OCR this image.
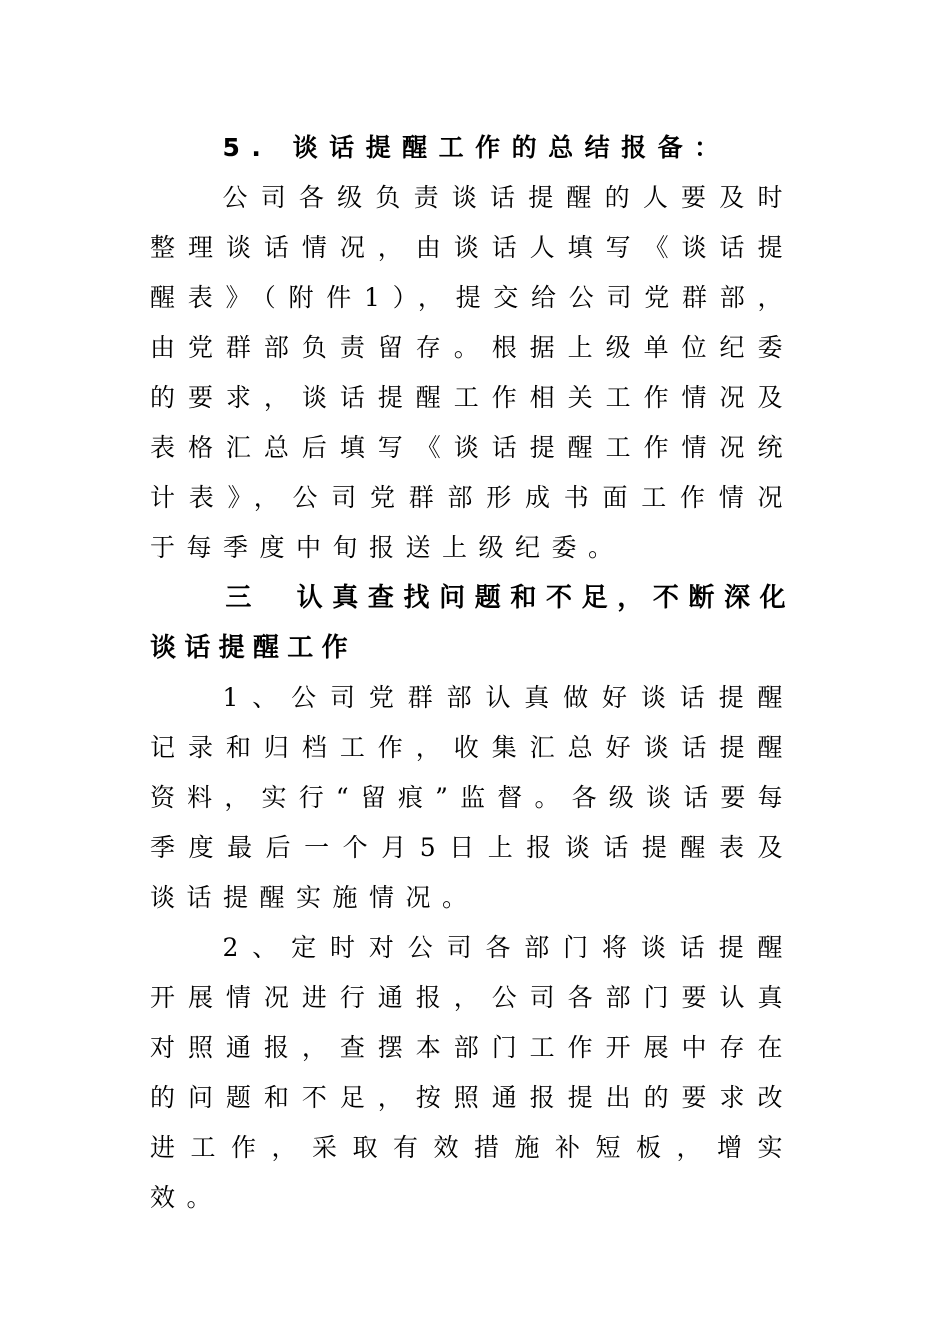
5. 谈话提醒工作的总结报备：

公司各级负责谈话提醒的人要及时整理谈话情况，由谈话人填写《谈话提醒表》（附件1），提交给公司党群部，由党群部负责留存。根据上级单位纪委的要求，谈话提醒工作相关工作情况及表格汇总后填写《谈话提醒工作情况统计表》，公司党群部形成书面工作情况于每季度中旬报送上级纪委。

三　认真查找问题和不足，不断深化谈话提醒工作

1、公司党群部认真做好谈话提醒记录和归档工作，收集汇总好谈话提醒资料，实行“留痕”监督。各级谈话要每季度最后一个月5日上报谈话提醒表及谈话提醒实施情况。

2、定时对公司各部门将谈话提醒开展情况进行通报，公司各部门要认真对照通报，查摆本部门工作开展中存在的问题和不足，按照通报提出的要求改进工作，采取有效措施补短板，增实效。
